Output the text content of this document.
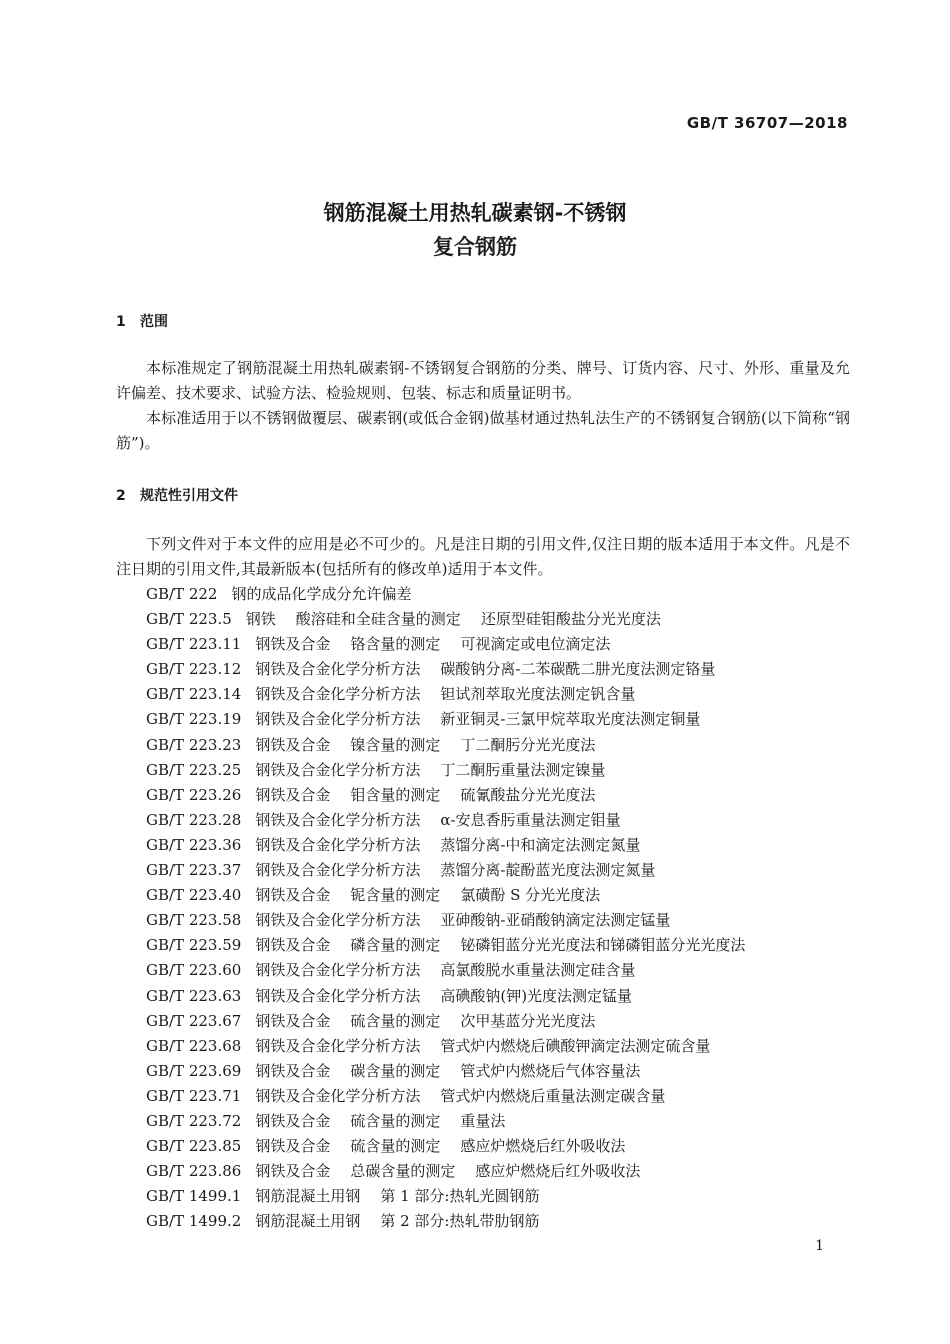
GB/T 36707—2018
钢筋混凝土用热轧碳素钢-不锈钢
复合钢筋
1 范围
本标准规定了钢筋混凝土用热轧碳素钢-不锈钢复合钢筋的分类、牌号、订货内容、尺寸、外形、重量及允许偏差、技术要求、试验方法、检验规则、包装、标志和质量证明书。
本标准适用于以不锈钢做覆层、碳素钢(或低合金钢)做基材通过热轧法生产的不锈钢复合钢筋(以下简称“钢筋”)。
2 规范性引用文件
下列文件对于本文件的应用是必不可少的。凡是注日期的引用文件,仅注日期的版本适用于本文件。凡是不注日期的引用文件,其最新版本(包括所有的修改单)适用于本文件。
GB/T 222 钢的成品化学成分允许偏差
GB/T 223.5 钢铁 酸溶硅和全硅含量的测定 还原型硅钼酸盐分光光度法
GB/T 223.11 钢铁及合金 铬含量的测定 可视滴定或电位滴定法
GB/T 223.12 钢铁及合金化学分析方法 碳酸钠分离-二苯碳酰二肼光度法测定铬量
GB/T 223.14 钢铁及合金化学分析方法 钽试剂萃取光度法测定钒含量
GB/T 223.19 钢铁及合金化学分析方法 新亚铜灵-三氯甲烷萃取光度法测定铜量
GB/T 223.23 钢铁及合金 镍含量的测定 丁二酮肟分光光度法
GB/T 223.25 钢铁及合金化学分析方法 丁二酮肟重量法测定镍量
GB/T 223.26 钢铁及合金 钼含量的测定 硫氰酸盐分光光度法
GB/T 223.28 钢铁及合金化学分析方法 α-安息香肟重量法测定钼量
GB/T 223.36 钢铁及合金化学分析方法 蒸馏分离-中和滴定法测定氮量
GB/T 223.37 钢铁及合金化学分析方法 蒸馏分离-靛酚蓝光度法测定氮量
GB/T 223.40 钢铁及合金 铌含量的测定 氯磺酚 S 分光光度法
GB/T 223.58 钢铁及合金化学分析方法 亚砷酸钠-亚硝酸钠滴定法测定锰量
GB/T 223.59 钢铁及合金 磷含量的测定 铋磷钼蓝分光光度法和锑磷钼蓝分光光度法
GB/T 223.60 钢铁及合金化学分析方法 高氯酸脱水重量法测定硅含量
GB/T 223.63 钢铁及合金化学分析方法 高碘酸钠(钾)光度法测定锰量
GB/T 223.67 钢铁及合金 硫含量的测定 次甲基蓝分光光度法
GB/T 223.68 钢铁及合金化学分析方法 管式炉内燃烧后碘酸钾滴定法测定硫含量
GB/T 223.69 钢铁及合金 碳含量的测定 管式炉内燃烧后气体容量法
GB/T 223.71 钢铁及合金化学分析方法 管式炉内燃烧后重量法测定碳含量
GB/T 223.72 钢铁及合金 硫含量的测定 重量法
GB/T 223.85 钢铁及合金 硫含量的测定 感应炉燃烧后红外吸收法
GB/T 223.86 钢铁及合金 总碳含量的测定 感应炉燃烧后红外吸收法
GB/T 1499.1 钢筋混凝土用钢 第 1 部分:热轧光圆钢筋
GB/T 1499.2 钢筋混凝土用钢 第 2 部分:热轧带肋钢筋
1
